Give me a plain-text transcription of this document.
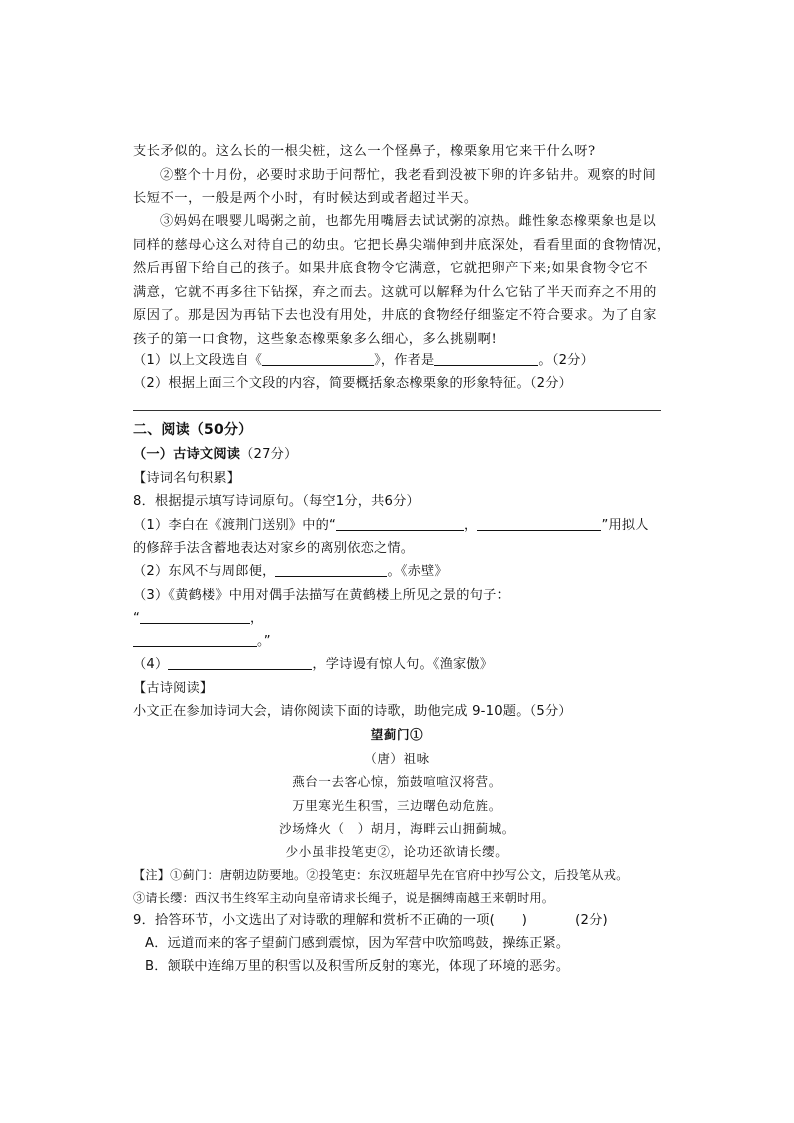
支长矛似的。这么长的一根尖桩，这么一个怪鼻子，橡栗象用它来干什么呀?
②整个十月份，必要时求助于问帮忙，我老看到没被下卵的许多钻井。观察的时间
长短不一，一般是两个小时，有时候达到或者超过半天。
③妈妈在喂婴儿喝粥之前，也都先用嘴唇去试试粥的凉热。雌性象态橡栗象也是以
同样的慈母心这么对待自己的幼虫。它把长鼻尖端伸到井底深处，看看里面的食物情况，
然后再留下给自己的孩子。如果井底食物令它满意，它就把卵产下来;如果食物令它不
满意，它就不再多往下钻探，弃之而去。这就可以解释为什么它钻了半天而弃之不用的
原因了。那是因为再钻下去也没有用处，井底的食物经仔细鉴定不符合要求。为了自家
孩子的第一口食物，这些象态橡栗象多么细心，多么挑剔啊!
（1）以上文段选自《	》，作者是	。（2分）
（2）根据上面三个文段的内容，简要概括象态橡栗象的形象特征。（2分）
二、阅读（50分）
（一）古诗文阅读（27分）
【诗词名句积累】
8．根据提示填写诗词原句。（每空1分，共6分）
（1）李白在《渡荆门送别》中的“	，	”用拟人
的修辞手法含蓄地表达对家乡的离别依恋之情。
（2）东风不与周郎便，	。《赤壁》
（3）《黄鹤楼》中用对偶手法描写在黄鹤楼上所见之景的句子：
“	，
。”
（4）	，学诗谩有惊人句。《渔家傲》
【古诗阅读】
小文正在参加诗词大会，请你阅读下面的诗歌，助他完成 9-10题。（5分）
望蓟门①
（唐）祖咏
燕台一去客心惊，笳鼓喧喧汉将营。
万里寒光生积雪，三边曙色动危旌。
沙场烽火（　）胡月，海畔云山拥蓟城。
少小虽非投笔吏②，论功还欲请长缨。
【注】①蓟门：唐朝边防要地。②投笔吏：东汉班超早先在官府中抄写公文，后投笔从戎。
③请长缨：西汉书生终军主动向皇帝请求长绳子，说是捆缚南越王来朝时用。
9．拾答环节，小文选出了对诗歌的理解和赏析不正确的一项(　　)	(2分)
A．远道而来的客子望蓟门感到震惊，因为军营中吹笳鸣鼓，操练正紧。
B．颔联中连绵万里的积雪以及积雪所反射的寒光，体现了环境的恶劣。
